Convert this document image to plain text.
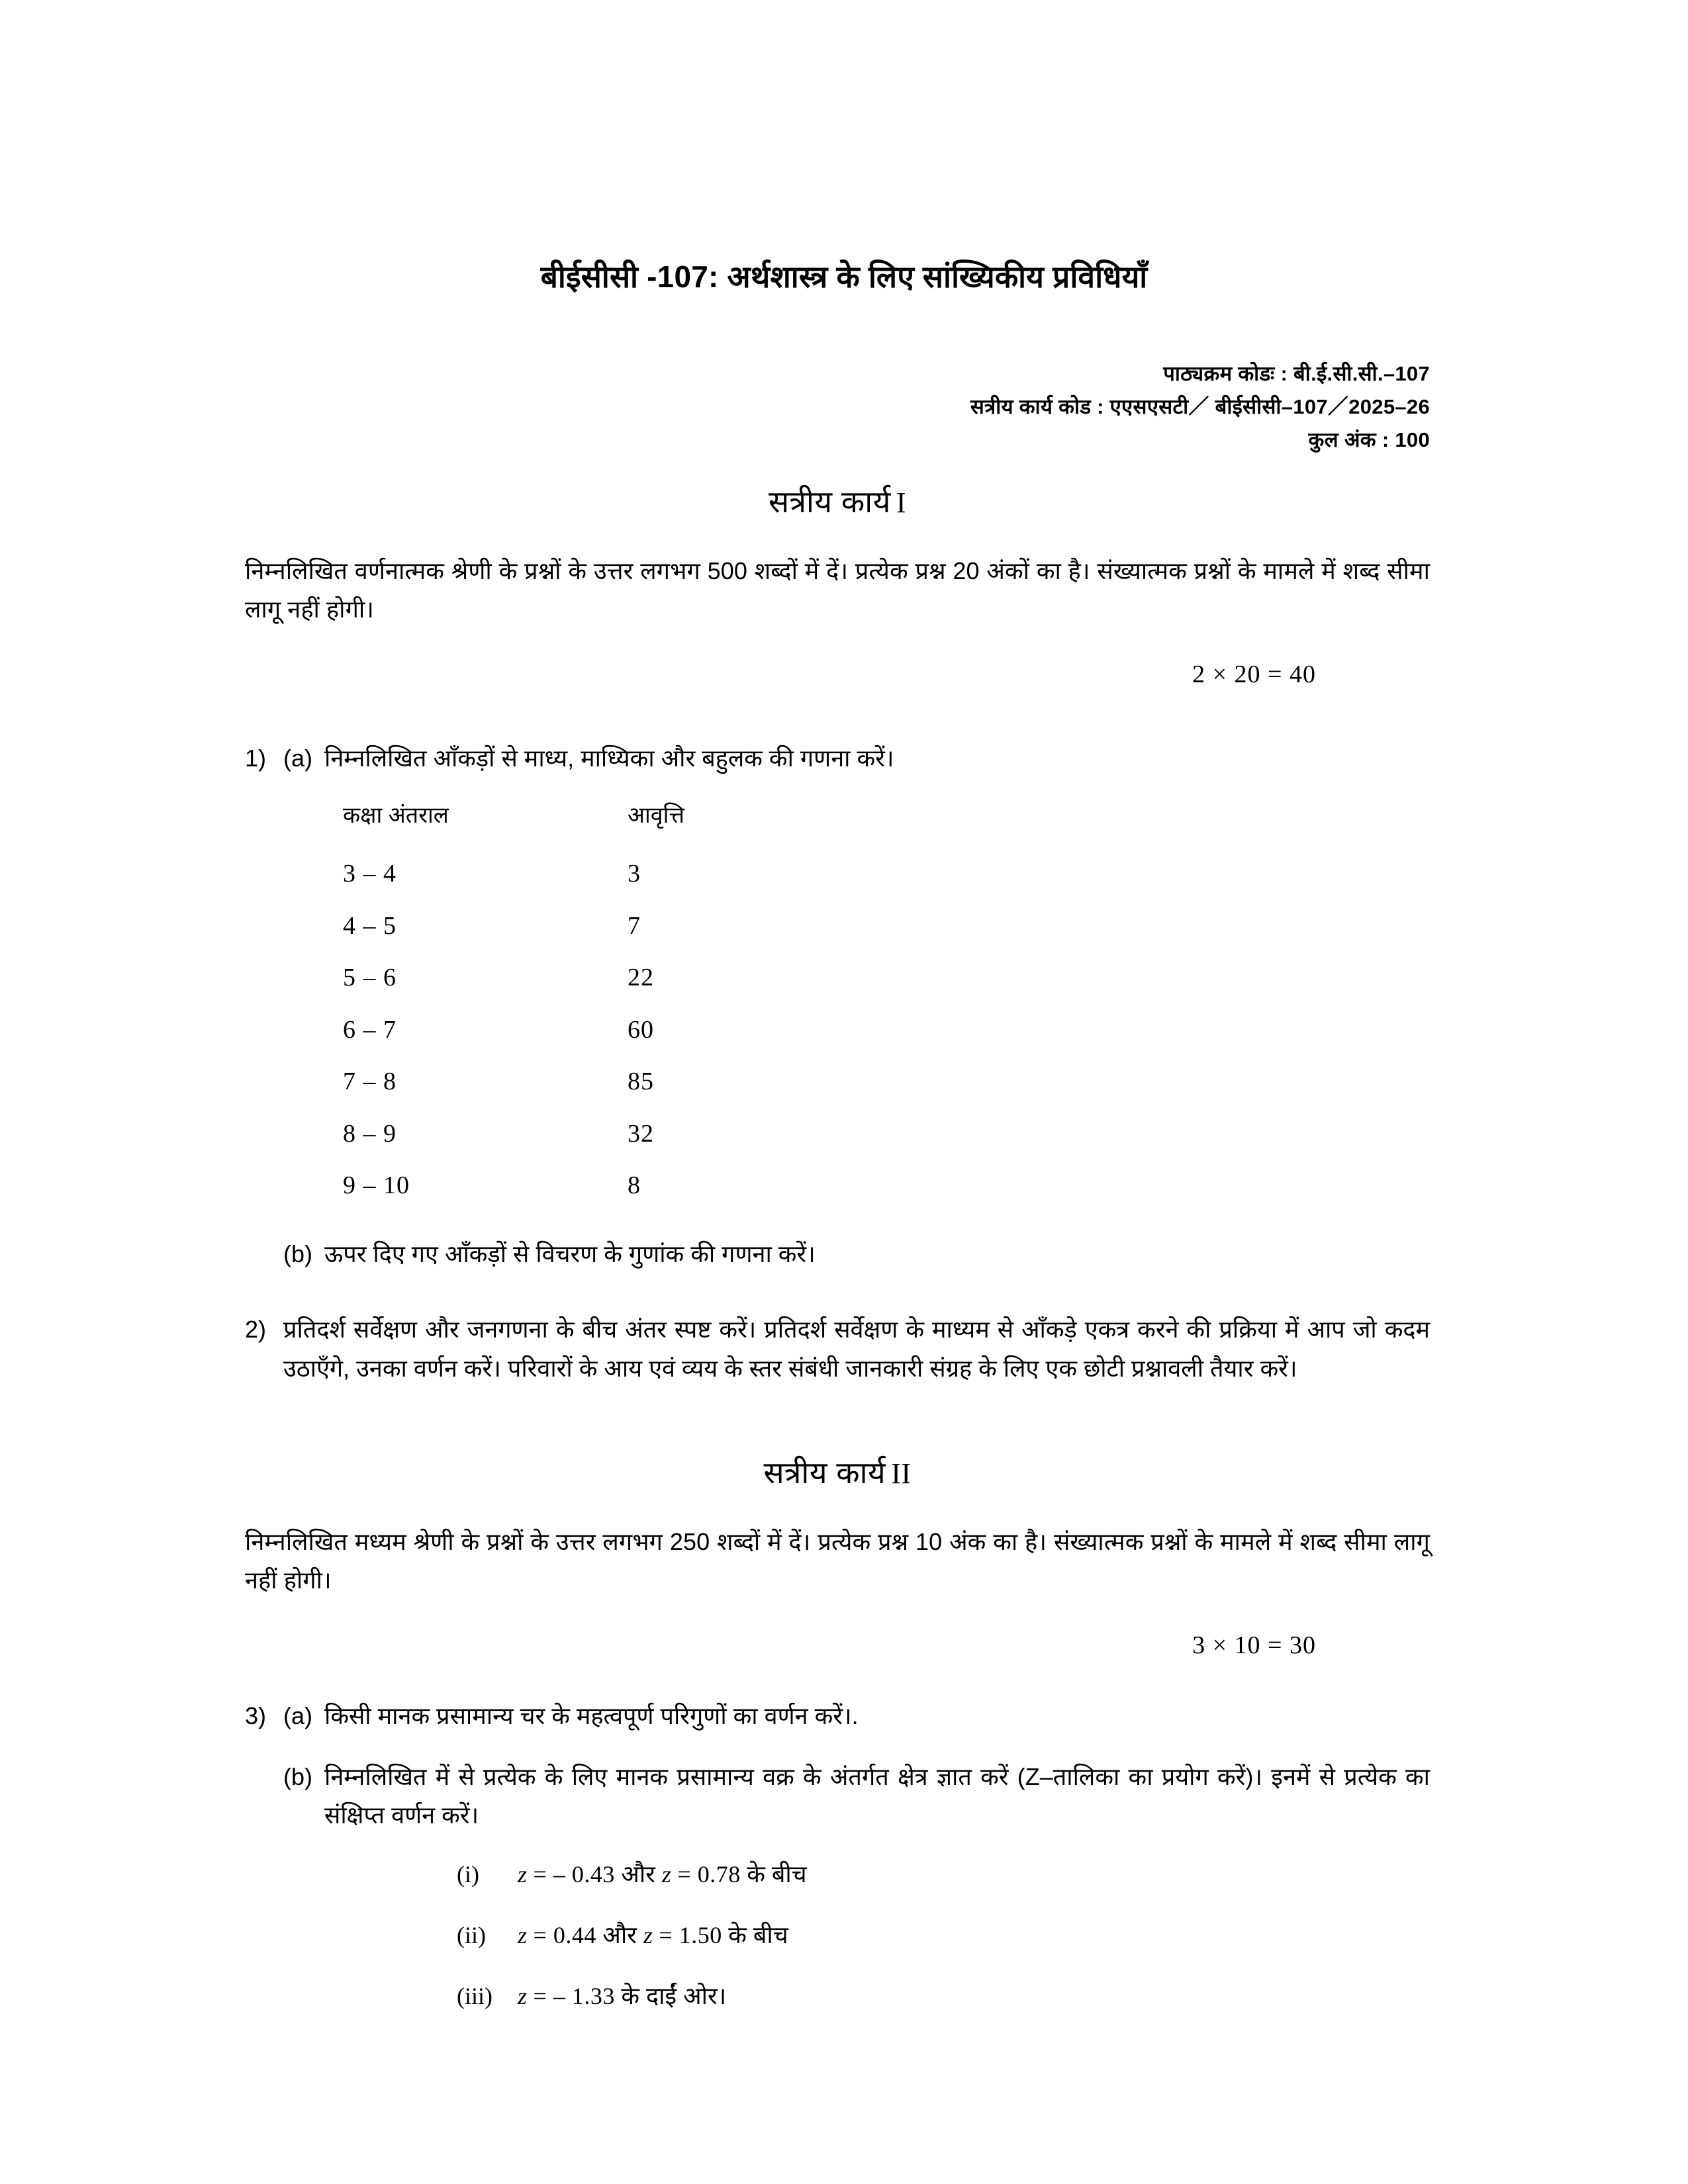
बीईसीसी -107: अर्थशास्त्र के लिए सांख्यिकीय प्रविधियाँ
पाठ्यक्रम कोडः : बी.ई.सी.सी.–107
सत्रीय कार्य कोड : एएसएसटी／ बीईसीसी–107／2025–26
कुल अंक : 100
सत्रीय कार्य I

निम्नलिखित वर्णनात्मक श्रेणी के प्रश्नों के उत्तर लगभग 500 शब्दों में दें। प्रत्येक प्रश्न 20 अंकों का है। संख्यात्मक प्रश्नों के मामले में शब्द सीमा लागू नहीं होगी।

2 × 20 = 40
1) (a) निम्नलिखित आँकड़ों से माध्य, माध्यिका और बहुलक की गणना करें।
कक्षा अंतराल	आवृत्ति
3 – 4	3
4 – 5	7
5 – 6	22
6 – 7	60
7 – 8	85
8 – 9	32
9 – 10	8
(b) ऊपर दिए गए आँकड़ों से विचरण के गुणांक की गणना करें।
2) प्रतिदर्श सर्वेक्षण और जनगणना के बीच अंतर स्पष्ट करें। प्रतिदर्श सर्वेक्षण के माध्यम से आँकड़े एकत्र करने की प्रक्रिया में आप जो कदम उठाएँगे, उनका वर्णन करें। परिवारों के आय एवं व्यय के स्तर संबंधी जानकारी संग्रह के लिए एक छोटी प्रश्नावली तैयार करें।
सत्रीय कार्य II

निम्नलिखित मध्यम श्रेणी के प्रश्नों के उत्तर लगभग 250 शब्दों में दें। प्रत्येक प्रश्न 10 अंक का है। संख्यात्मक प्रश्नों के मामले में शब्द सीमा लागू नहीं होगी।

3 × 10 = 30
3) (a) किसी मानक प्रसामान्य चर के महत्वपूर्ण परिगुणों का वर्णन करें।.
(b) निम्नलिखित में से प्रत्येक के लिए मानक प्रसामान्य वक्र के अंतर्गत क्षेत्र ज्ञात करें (Z–तालिका का प्रयोग करें)। इनमें से प्रत्येक का संक्षिप्त वर्णन करें।
(i)	z = – 0.43 और z = 0.78 के बीच
(ii)	z = 0.44 और z = 1.50 के बीच
(iii)	z = – 1.33 के दाईं ओर।
